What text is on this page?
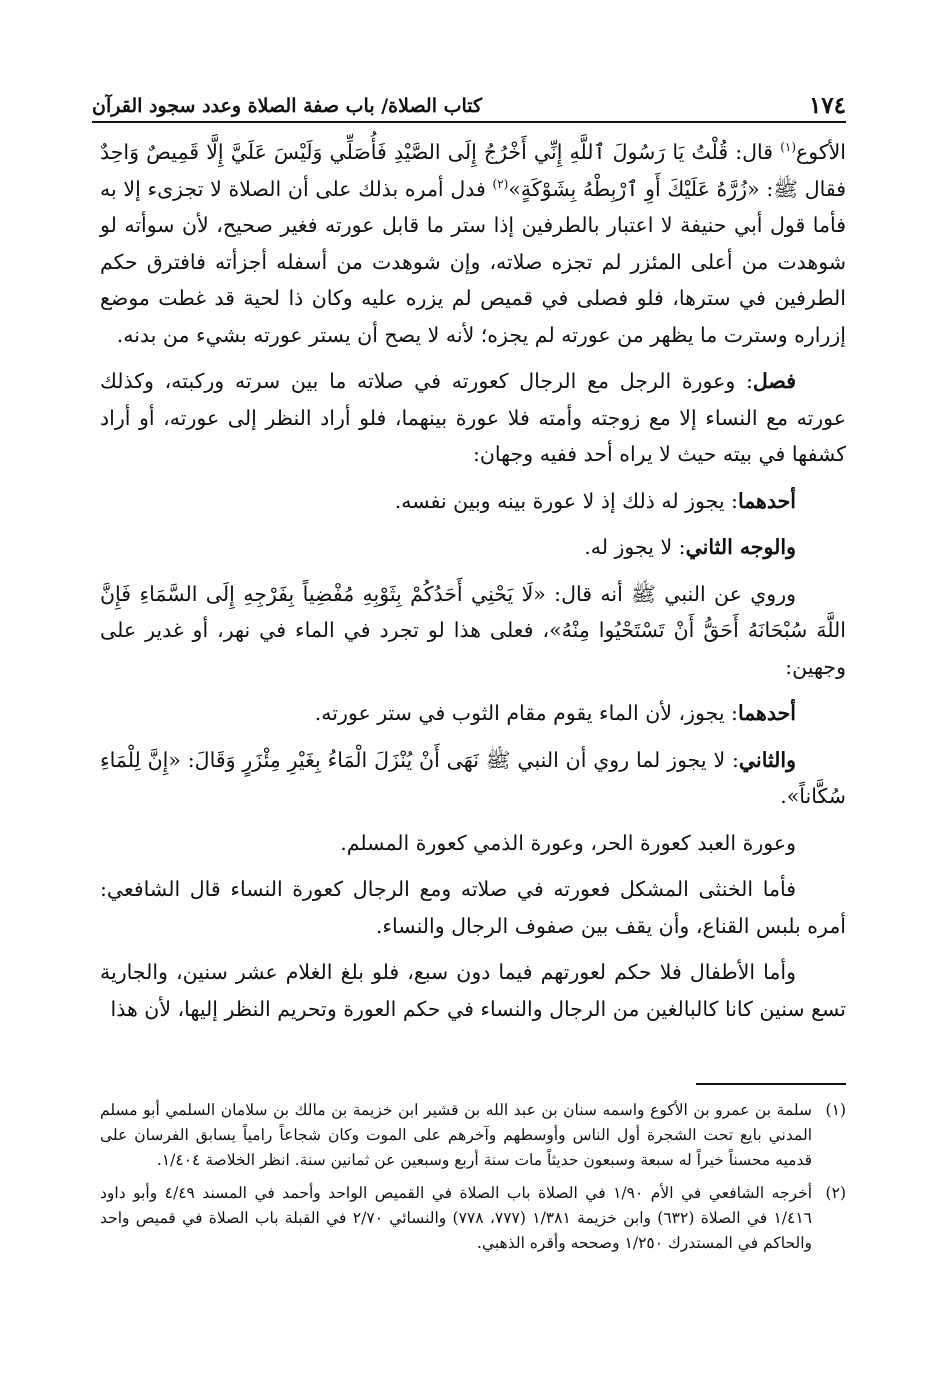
١٧٤
كتاب الصلاة/ باب صفة الصلاة وعدد سجود القرآن

الأكوع$^{(١)}$ قال: قُلْتُ يَا رَسُولَ ٱللَّهِ إِنِّي أَخْرُجُ إِلَى الصَّيْدِ فَأُصَلِّي وَلَيْسَ عَلَيَّ إِلَّا قَمِيصٌ وَاحِدٌ فقال ﷺ: «زُرَّهُ عَلَيْكَ أَوِ ٱرْبِطْهُ بِشَوْكَةٍ»$^{(٢)}$ فدل أمره بذلك على أن الصلاة لا تجزىء إلا به فأما قول أبي حنيفة لا اعتبار بالطرفين إذا ستر ما قابل عورته فغير صحيح، لأن سوأته لو شوهدت من أعلى المئزر لم تجزه صلاته، وإن شوهدت من أسفله أجزأته فافترق حكم الطرفين في سترها، فلو فصلى في قميص لم يزره عليه وكان ذا لحية قد غطت موضع إزراره وسترت ما يظهر من عورته لم يجزه؛ لأنه لا يصح أن يستر عورته بشيء من بدنه.

فصل: وعورة الرجل مع الرجال كعورته في صلاته ما بين سرته وركبته، وكذلك عورته مع النساء إلا مع زوجته وأمته فلا عورة بينهما، فلو أراد النظر إلى عورته، أو أراد كشفها في بيته حيث لا يراه أحد ففيه وجهان:

أحدهما: يجوز له ذلك إذ لا عورة بينه وبين نفسه.

والوجه الثاني: لا يجوز له.

وروي عن النبي ﷺ أنه قال: «لَا يَحْنِي أَحَدُكُمْ بِثَوْبِهِ مُفْضِياً بِفَرْجِهِ إِلَى السَّمَاءِ فَإِنَّ اللَّهَ سُبْحَانَهُ أَحَقُّ أَنْ تَسْتَحْيُوا مِنْهُ»، فعلى هذا لو تجرد في الماء في نهر، أو غدير على وجهين:

أحدهما: يجوز، لأن الماء يقوم مقام الثوب في ستر عورته.

والثاني: لا يجوز لما روي أن النبي ﷺ نَهَى أَنْ يُنْزَلَ الْمَاءُ بِغَيْرِ مِئْزَرٍ وَقَالَ: «إِنَّ لِلْمَاءِ سُكَّاناً».

وعورة العبد كعورة الحر، وعورة الذمي كعورة المسلم.

فأما الخنثى المشكل فعورته في صلاته ومع الرجال كعورة النساء قال الشافعي: أمره بلبس القناع، وأن يقف بين صفوف الرجال والنساء.

وأما الأطفال فلا حكم لعورتهم فيما دون سبع، فلو بلغ الغلام عشر سنين، والجارية تسع سنين كانا كالبالغين من الرجال والنساء في حكم العورة وتحريم النظر إليها، لأن هذا

(١)
سلمة بن عمرو بن الأكوع واسمه سنان بن عبد الله بن قشير ابن خزيمة بن مالك بن سلامان السلمي أبو مسلم المدني بايع تحت الشجرة أول الناس وأوسطهم وآخرهم على الموت وكان شجاعاً رامياً يسابق الفرسان على قدميه محسناً خيراً له سبعة وسبعون حديثاً مات سنة أربع وسبعين عن ثمانين سنة. انظر الخلاصة ١/٤٠٤.
(٢)
أخرجه الشافعي في الأم ١/٩٠ في الصلاة باب الصلاة في القميص الواحد وأحمد في المسند ٤/٤٩ وأبو داود ١/٤١٦ في الصلاة (٦٣٢) وابن خزيمة ١/٣٨١ (٧٧٧، ٧٧٨) والنسائي ٢/٧٠ في القبلة باب الصلاة في قميص واحد والحاكم في المستدرك ١/٢٥٠ وصححه وأقره الذهبي.
